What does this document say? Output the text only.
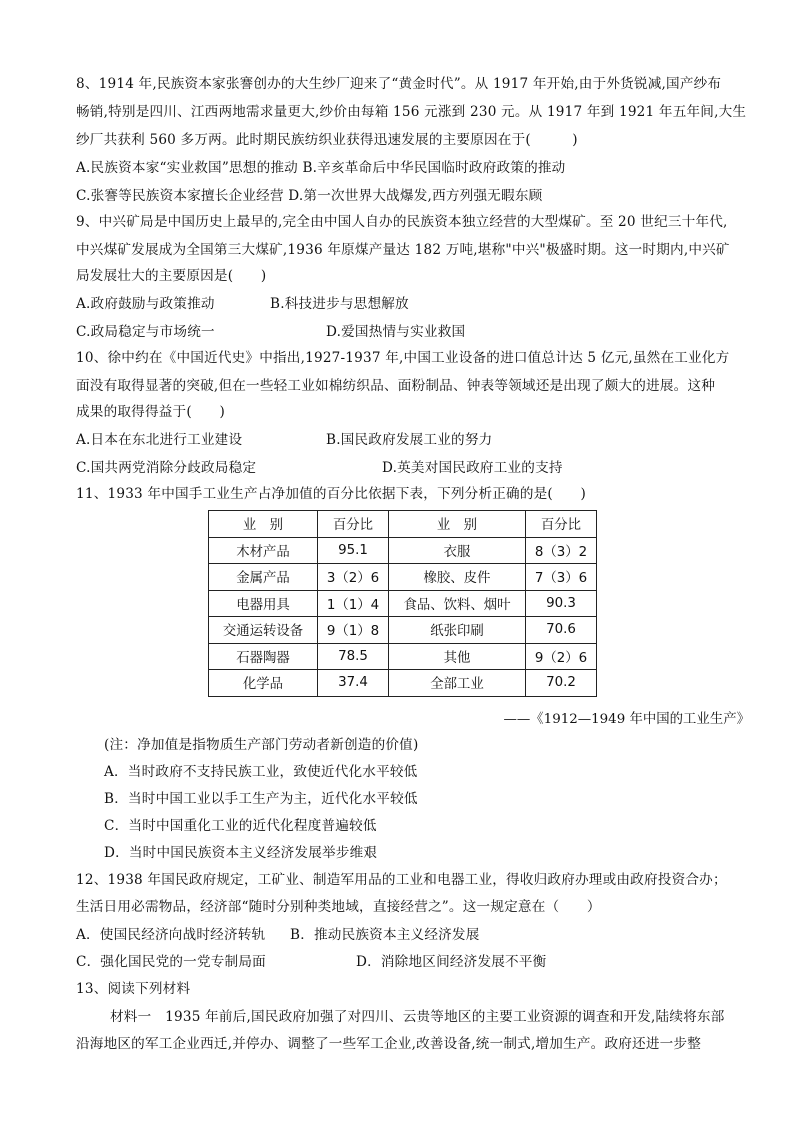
8、1914 年,民族资本家张謇创办的大生纱厂迎来了“黄金时代”。从 1917 年开始,由于外货锐减,国产纱布
畅销,特别是四川、江西两地需求量更大,纱价由每箱 156 元涨到 230 元。从 1917 年到 1921 年五年间,大生
纱厂共获利 560 多万两。此时期民族纺织业获得迅速发展的主要原因在于(　　　)
A.民族资本家“实业救国”思想的推动 B.辛亥革命后中华民国临时政府政策的推动
C.张謇等民族资本家擅长企业经营 D.第一次世界大战爆发,西方列强无暇东顾
9、中兴矿局是中国历史上最早的,完全由中国人自办的民族资本独立经营的大型煤矿。至 20 世纪三十年代,
中兴煤矿发展成为全国第三大煤矿,1936 年原煤产量达 182 万吨,堪称"中兴"极盛时期。这一时期内,中兴矿
局发展壮大的主要原因是(　　)
A.政府鼓励与政策推动	B.科技进步与思想解放
C.政局稳定与市场统一	D.爱国热情与实业救国
10、徐中约在《中国近代史》中指出,1927-1937 年,中国工业设备的进口值总计达 5 亿元,虽然在工业化方
面没有取得显著的突破,但在一些轻工业如棉纺织品、面粉制品、钟表等领域还是出现了颇大的进展。这种
成果的取得得益于(　　)
A.日本在东北进行工业建设	B.国民政府发展工业的努力
C.国共两党消除分歧政局稳定	D.英美对国民政府工业的支持
11、1933 年中国手工业生产占净加值的百分比依据下表，下列分析正确的是(　　)
业　别	百分比	业　别	百分比
木材产品	95.1	衣服	8（3）2
金属产品	3（2）6	橡胶、皮件	7（3）6
电器用具	1（1）4	食品、饮料、烟叶	90.3
交通运转设备	9（1）8	纸张印刷	70.6
石器陶器	78.5	其他	9（2）6
化学品	37.4	全部工业	70.2
——《1912—1949 年中国的工业生产》
(注：净加值是指物质生产部门劳动者新创造的价值)
A．当时政府不支持民族工业，致使近代化水平较低
B．当时中国工业以手工生产为主，近代化水平较低
C．当时中国重化工业的近代化程度普遍较低
D．当时中国民族资本主义经济发展举步维艰
12、1938 年国民政府规定，工矿业、制造军用品的工业和电器工业，得收归政府办理或由政府投资合办；
生活日用必需物品，经济部“随时分别种类地域，直接经营之”。这一规定意在（　　）
A．使国民经济向战时经济转轨 B．推动民族资本主义经济发展
C．强化国民党的一党专制局面	D．消除地区间经济发展不平衡
13、阅读下列材料
材料一　1935 年前后,国民政府加强了对四川、云贵等地区的主要工业资源的调查和开发,陆续将东部
沿海地区的军工企业西迁,并停办、调整了一些军工企业,改善设备,统一制式,增加生产。政府还进一步整
